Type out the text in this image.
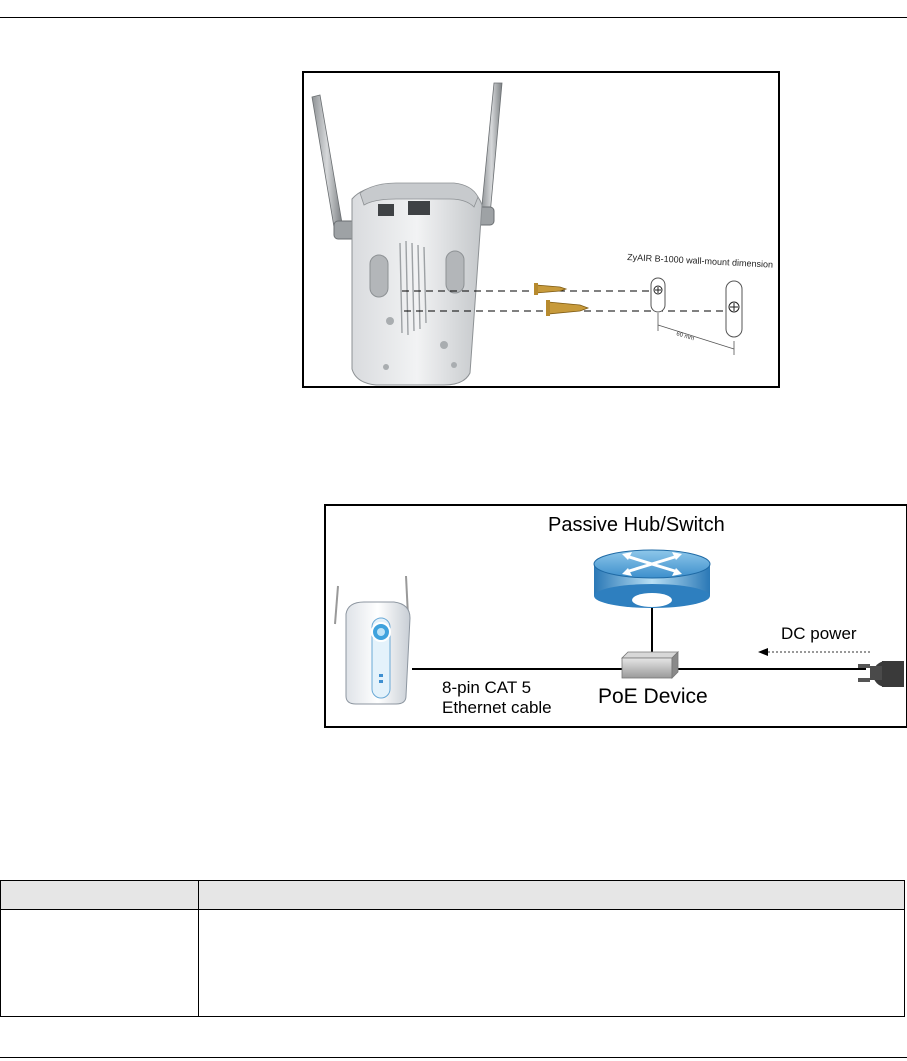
60 mm
ZyAIR B-1000 wall-mount dimension
Passive Hub/Switch
DC power
PoE Device
8-pin CAT 5
Ethernet cable
